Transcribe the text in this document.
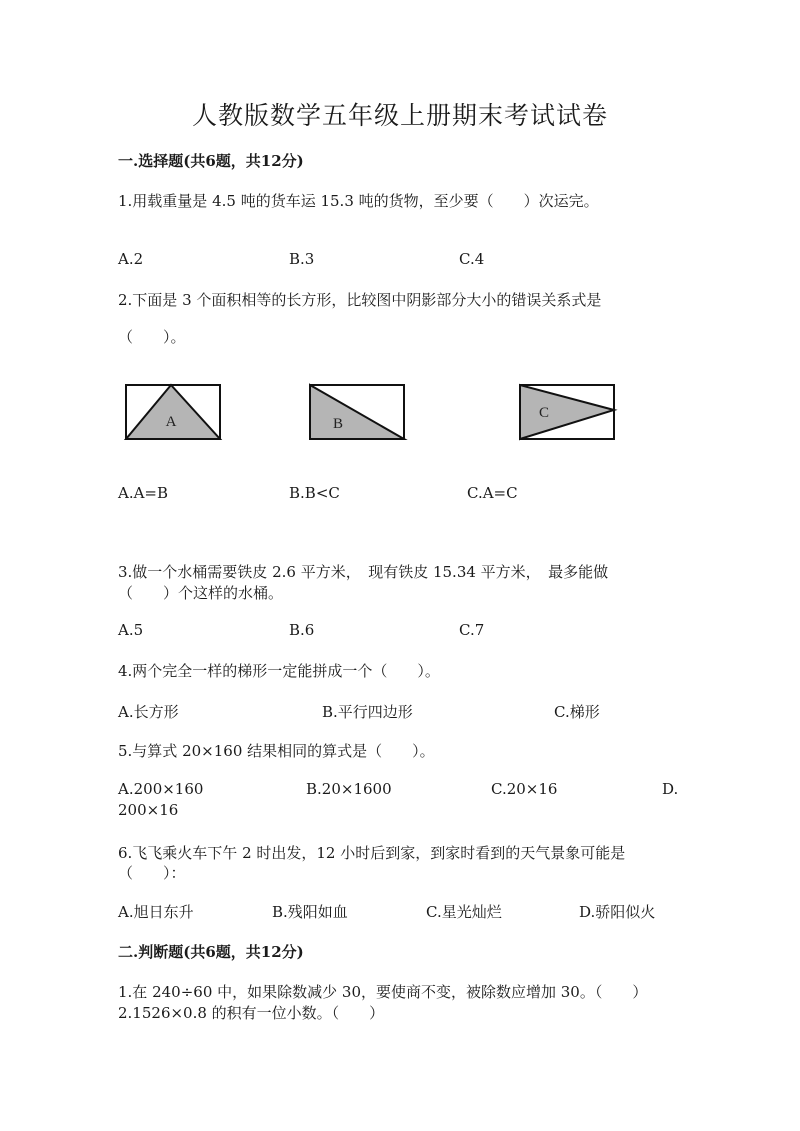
人教版数学五年级上册期末考试试卷
一.选择题(共6题，共12分)
1.用载重量是 4.5 吨的货车运 15.3 吨的货物，至少要（　　）次运完。
A.2	B.3	C.4
2.下面是 3 个面积相等的长方形，比较图中阴影部分大小的错误关系式是
（　　）。
A	B
C
A.A=B	B.B<C	C.A=C
3.做一个水桶需要铁皮 2.6 平方米，　现有铁皮 15.34 平方米，　最多能做
（　　）个这样的水桶。
A.5	B.6	C.7
4.两个完全一样的梯形一定能拼成一个（　　）。
A.长方形	B.平行四边形	C.梯形
5.与算式 20×160 结果相同的算式是（　　）。
A.200×160	B.20×1600	C.20×16	D.
200×16
6.飞飞乘火车下午 2 时出发，12 小时后到家，到家时看到的天气景象可能是
（　　）：
A.旭日东升	B.残阳如血	C.星光灿烂	D.骄阳似火
二.判断题(共6题，共12分)
1.在 240÷60 中，如果除数减少 30，要使商不变，被除数应增加 30。（　　）
2.1526×0.8 的积有一位小数。（　　）
